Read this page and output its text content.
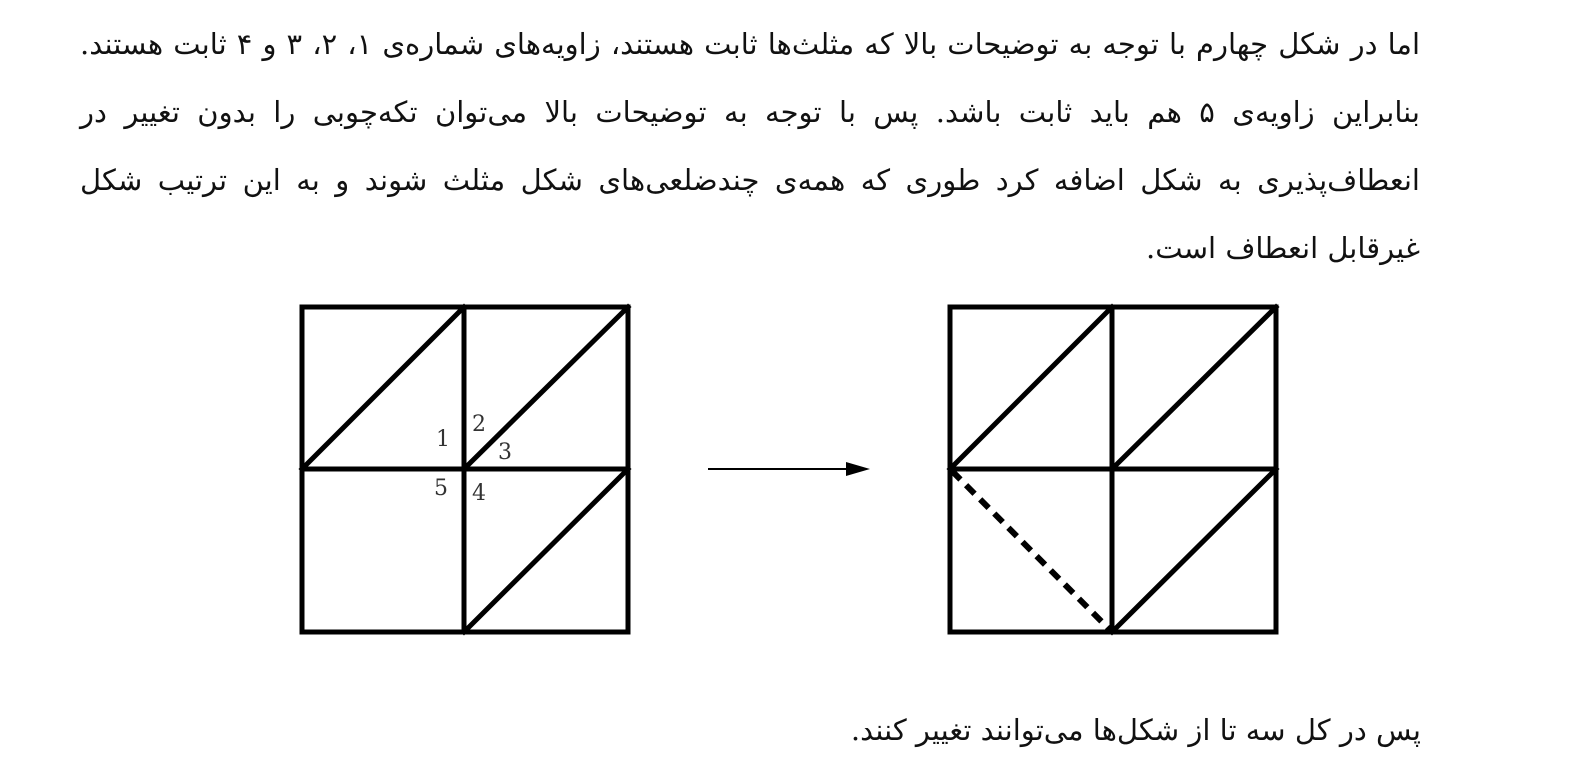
اما در شکل چهارم با توجه به توضیحات بالا که مثلث‌ها ثابت هستند، زاویه‌های شماره‌ی ۱، ۲، ۳ و ۴ ثابت هستند. بنابراین زاویه‌ی ۵ هم باید ثابت باشد. پس با توجه به توضیحات بالا می‌توان تکه‌چوبی را بدون تغییر در انعطاف‌پذیری به شکل اضافه کرد طوری که همه‌ی چندضلعی‌های شکل مثلث شوند و به این ترتیب شکل غیرقابل انعطاف است.
1
2
3
4
5
پس در کل سه تا از شکل‌ها می‌توانند تغییر کنند.
